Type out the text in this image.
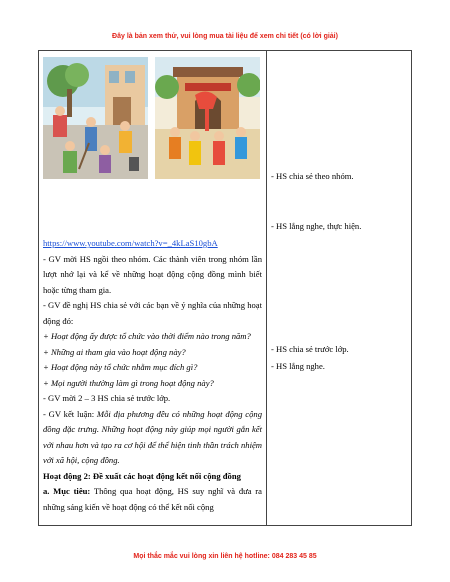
Đây là bản xem thử, vui lòng mua tài liệu để xem chi tiết (có lời giải)

https://www.youtube.com/watch?v=_4kLaS10gbA

- GV mời HS ngồi theo nhóm. Các thành viên trong nhóm lần lượt nhớ lại và kể về những hoạt động cộng đồng mình biết hoặc từng tham gia.

- GV đề nghị HS chia sẻ với các bạn về ý nghĩa của những hoạt động đó:

+ Hoạt động ấy được tổ chức vào thời điểm nào trong năm?

+ Những ai tham gia vào hoạt động này?

+ Hoạt động này tổ chức nhằm mục đích gì?

+ Mọi người thường làm gì trong hoạt động này?

- GV mời 2 – 3 HS chia sẻ trước lớp.

- GV kết luận: Mỗi địa phương đều có những hoạt động cộng đồng đặc trưng. Những hoạt động này giúp mọi người gắn kết với nhau hơn và tạo ra cơ hội để thể hiện tinh thần trách nhiệm với xã hội, cộng đồng.

Hoạt động 2: Đề xuất các hoạt động kết nối cộng đồng

a. Mục tiêu: Thông qua hoạt động, HS suy nghĩ và đưa ra những sáng kiến về hoạt động có thể kết nối cộng

- HS chia sẻ theo nhóm.
- HS lắng nghe, thực hiện.
- HS chia sẻ trước lớp.
- HS lắng nghe.
Mọi thắc mắc vui lòng xin liên hệ hotline: 084 283 45 85
